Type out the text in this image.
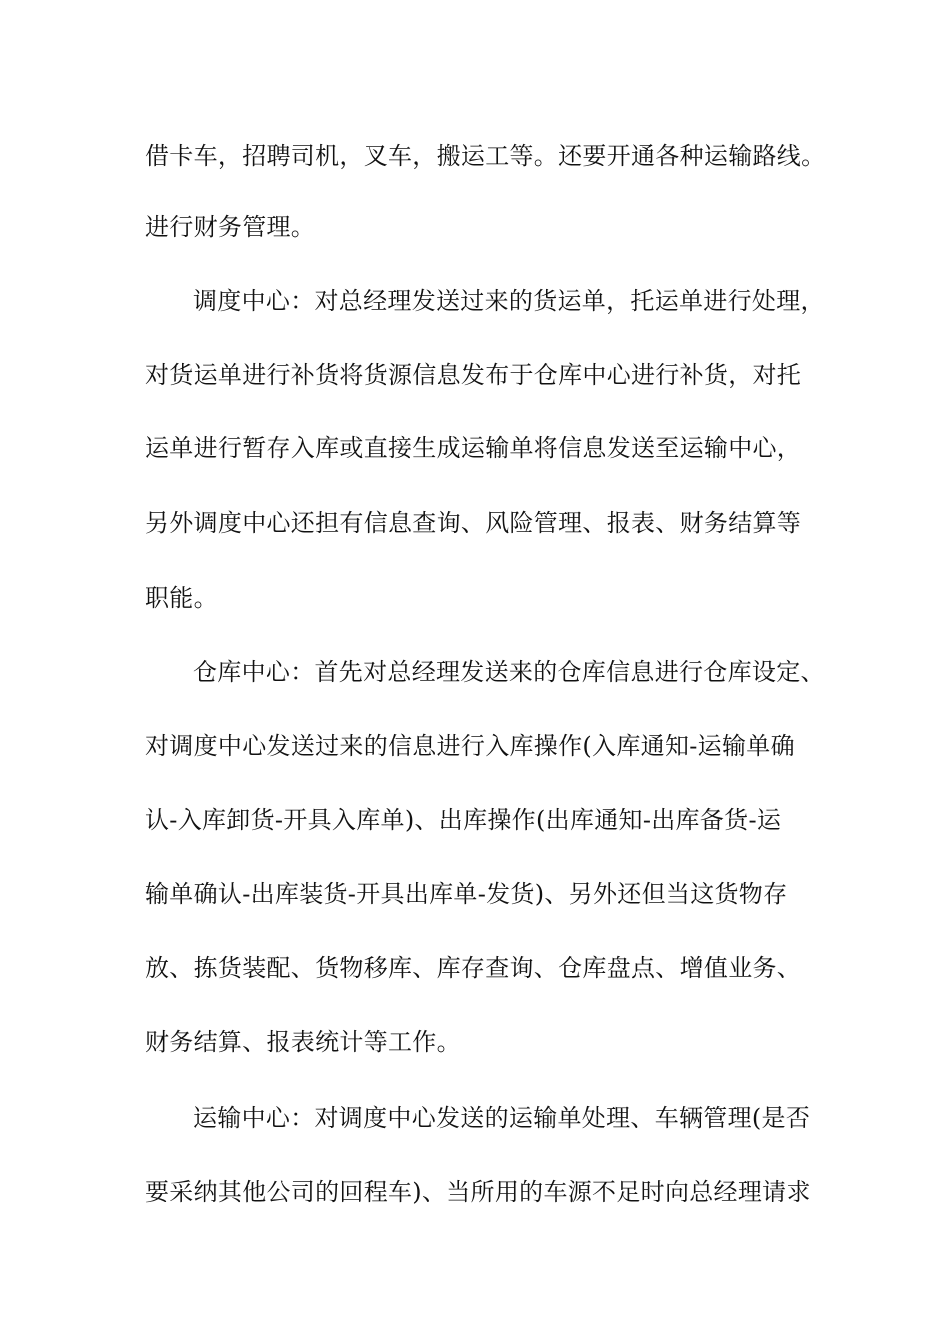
借卡车，招聘司机，叉车，搬运工等。还要开通各种运输路线。
进行财务管理。
调度中心：对总经理发送过来的货运单，托运单进行处理，
对货运单进行补货将货源信息发布于仓库中心进行补货，对托
运单进行暂存入库或直接生成运输单将信息发送至运输中心，
另外调度中心还担有信息查询、风险管理、报表、财务结算等
职能。
仓库中心：首先对总经理发送来的仓库信息进行仓库设定、
对调度中心发送过来的信息进行入库操作(入库通知-运输单确
认-入库卸货-开具入库单)、出库操作(出库通知-出库备货-运
输单确认-出库装货-开具出库单-发货)、另外还但当这货物存
放、拣货装配、货物移库、库存查询、仓库盘点、增值业务、
财务结算、报表统计等工作。
运输中心：对调度中心发送的运输单处理、车辆管理(是否
要采纳其他公司的回程车)、当所用的车源不足时向总经理请求
